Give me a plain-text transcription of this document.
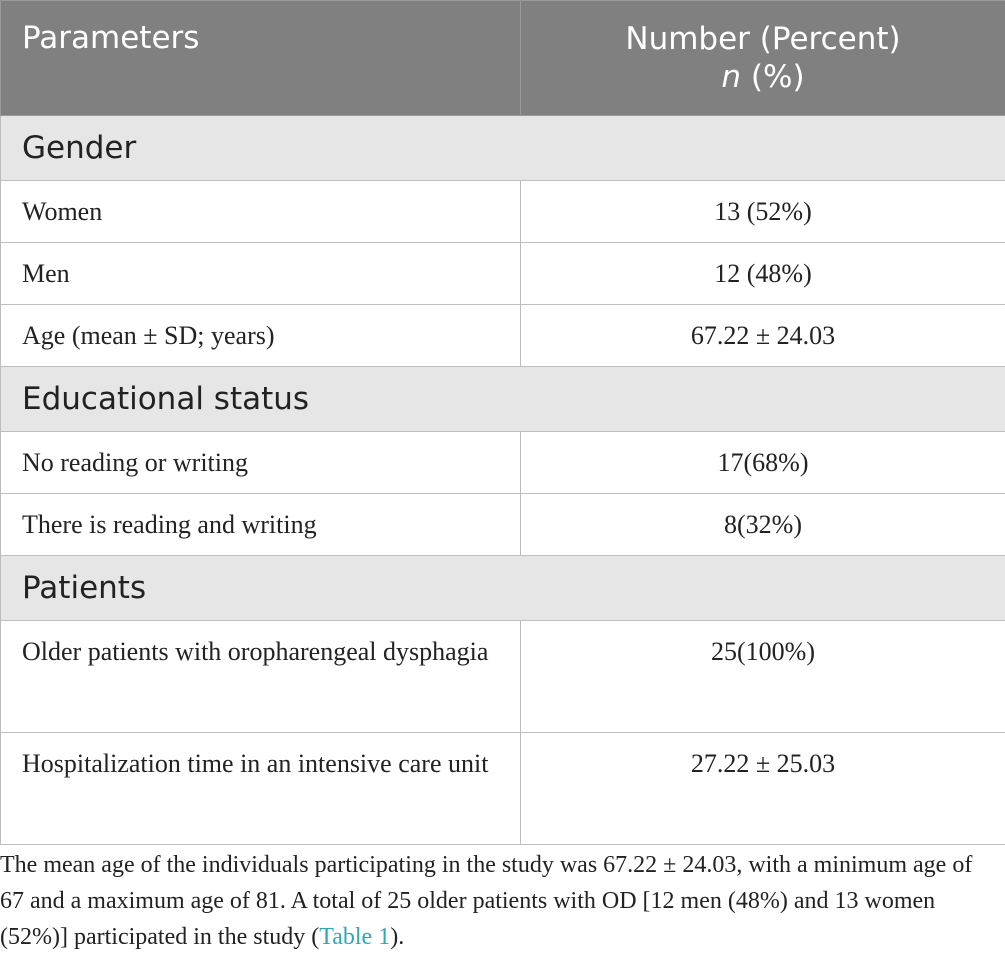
Parameters	Number (Percent)
n (%)
Gender	
Women	13 (52%)
Men	12 (48%)
Age (mean ± SD; years)	67.22 ± 24.03
Educational status	
No reading or writing	17(68%)
There is reading and writing	8(32%)
Patients	
Older patients with oropharengeal dysphagia	25(100%)
Hospitalization time in an intensive care unit	27.22 ± 25.03

The mean age of the individuals participating in the study was 67.22 ± 24.03, with a minimum age of 67 and a maximum age of 81. A total of 25 older patients with OD [12 men (48%) and 13 women (52%)] participated in the study (Table 1).
